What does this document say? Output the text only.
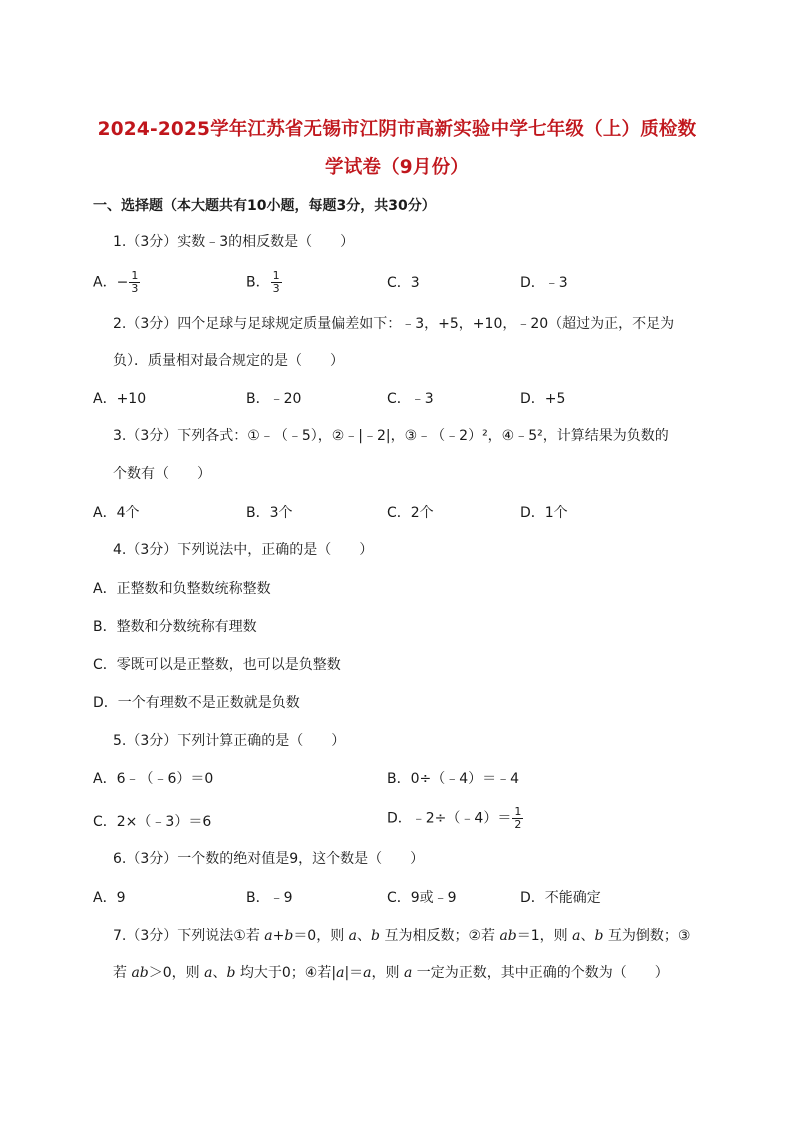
2024-2025学年江苏省无锡市江阴市高新实验中学七年级（上）质检数
学试卷（9月份）
一、选择题（本大题共有10小题，每题3分，共30分）
1.（3分）实数﹣3的相反数是（　　）
A．− $\frac{1}{3}$	B． $\frac{1}{3}$	C．3	D．﹣3
2.（3分）四个足球与足球规定质量偏差如下：﹣3，+5，+10，﹣20（超过为正，不足为
负）．质量相对最合规定的是（　　）
A．+10	B．﹣20	C．﹣3	D．+5
3.（3分）下列各式：①﹣（﹣5），②﹣|﹣2|，③﹣（﹣2）²，④﹣5²，计算结果为负数的
个数有（　　）
A．4个	B．3个	C．2个	D．1个
4.（3分）下列说法中，正确的是（　　）
A．正整数和负整数统称整数
B．整数和分数统称有理数
C．零既可以是正整数，也可以是负整数
D．一个有理数不是正数就是负数
5.（3分）下列计算正确的是（　　）
A．6﹣（﹣6）＝0	B．0÷（﹣4）＝﹣4
C．2×（﹣3）＝6	D．﹣2÷（﹣4）＝ $\frac{1}{2}$
6.（3分）一个数的绝对值是9，这个数是（　　）
A．9	B．﹣9	C．9或﹣9	D．不能确定
7.（3分）下列说法①若 a+b＝0，则 a、b 互为相反数；②若 ab＝1，则 a、b 互为倒数；③
若 ab＞0，则 a、b 均大于0；④若|a|＝a，则 a 一定为正数，其中正确的个数为（　　）
